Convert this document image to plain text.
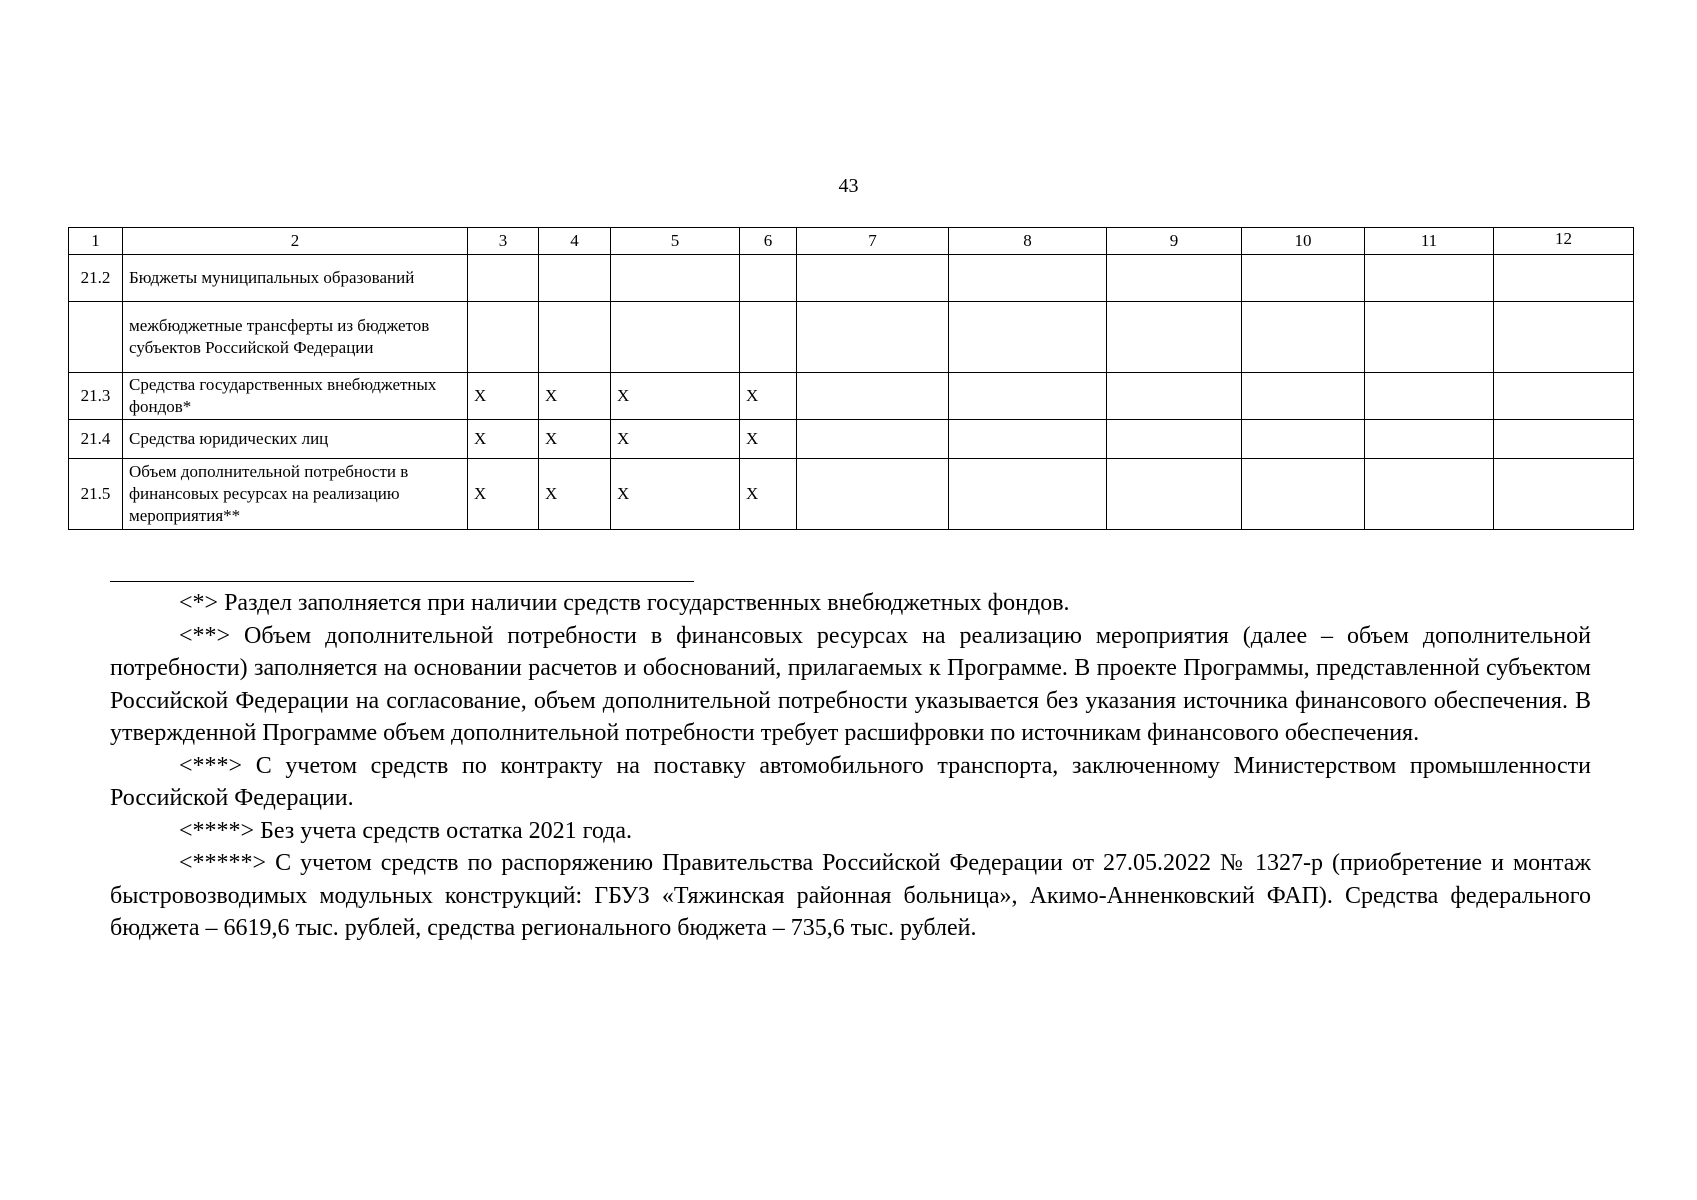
43
1	2	3	4	5	6	7	8	9	10	11	12
21.2	Бюджеты муниципальных образований										
	межбюджетные трансферты из бюджетов субъектов Российской Федерации										
21.3	Средства государственных внебюджетных фондов*	Х	Х	Х	Х						
21.4	Средства юридических лиц	Х	Х	Х	Х						
21.5	Объем дополнительной потребности в финансовых ресурсах на реализацию мероприятия**	Х	Х	Х	Х						

<*> Раздел заполняется при наличии средств государственных внебюджетных фондов.

<**> Объем дополнительной потребности в финансовых ресурсах на реализацию мероприятия (далее – объем дополнительной потребности) заполняется на основании расчетов и обоснований, прилагаемых к Программе. В проекте Программы, представленной субъектом Российской Федерации на согласование, объем дополнительной потребности указывается без указания источника финансового обеспечения. В утвержденной Программе объем дополнительной потребности требует расшифровки по источникам финансового обеспечения.

<***> С учетом средств по контракту на поставку автомобильного транспорта, заключенному Министерством промышленности Российской Федерации.

<****> Без учета средств остатка 2021 года.

<*****> С учетом средств по распоряжению Правительства Российской Федерации от 27.05.2022 № 1327-р (приобретение и монтаж быстровозводимых модульных конструкций: ГБУЗ «Тяжинская районная больница», Акимо-Анненковский ФАП). Средства федерального бюджета – 6619,6 тыс. рублей, средства регионального бюджета – 735,6 тыс. рублей.
